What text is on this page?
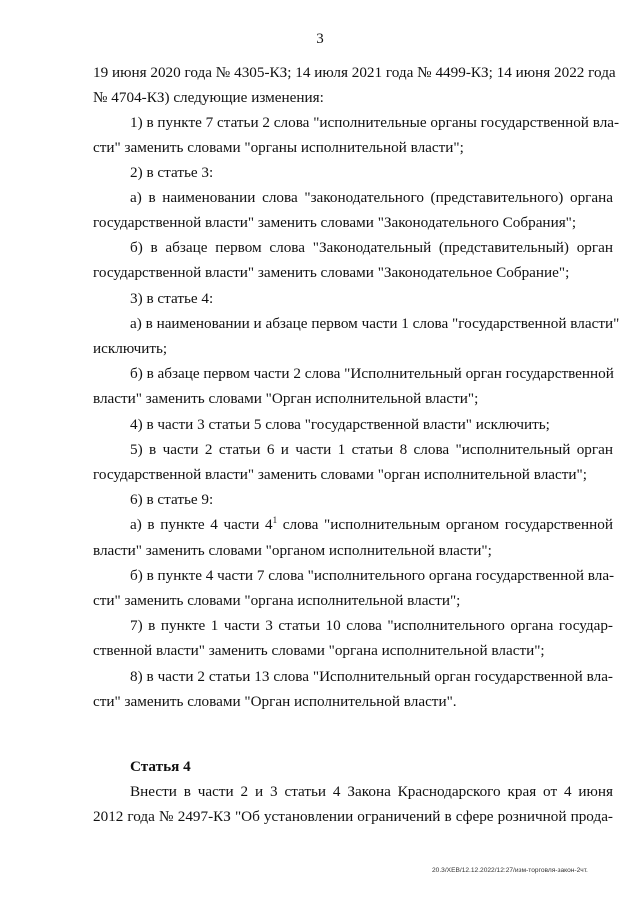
3
19 июня 2020 года № 4305-КЗ; 14 июля 2021 года № 4499-КЗ; 14 июня 2022 года
№ 4704-КЗ) следующие изменения:
1) в пункте 7 статьи 2 слова "исполнительные органы государственной вла-
сти" заменить словами "органы исполнительной власти";
2) в статье 3:
а) в наименовании слова "законодательного (представительного) органа
государственной власти" заменить словами "Законодательного Собрания";
б) в абзаце первом слова "Законодательный (представительный) орган
государственной власти" заменить словами "Законодательное Собрание";
3) в статье 4:
а) в наименовании и абзаце первом части 1 слова "государственной власти"
исключить;
б) в абзаце первом части 2 слова "Исполнительный орган государственной
власти" заменить словами "Орган исполнительной власти";
4) в части 3 статьи 5 слова "государственной власти" исключить;
5) в части 2 статьи 6 и части 1 статьи 8 слова "исполнительный орган
государственной власти" заменить словами "орган исполнительной власти";
6) в статье 9:
а) в пункте 4 части $4^1$ слова "исполнительным органом государственной
власти" заменить словами "органом исполнительной власти";
б) в пункте 4 части 7 слова "исполнительного органа государственной вла-
сти" заменить словами "органа исполнительной власти";
7) в пункте 1 части 3 статьи 10 слова "исполнительного органа государ-
ственной власти" заменить словами "органа исполнительной власти";
8) в части 2 статьи 13 слова "Исполнительный орган государственной вла-
сти" заменить словами "Орган исполнительной власти".
Статья 4
Внести в части 2 и 3 статьи 4 Закона Краснодарского края от 4 июня
2012 года № 2497-КЗ "Об установлении ограничений в сфере розничной прода-
20.3/ХЕВ/12.12.2022/12:27/изм-торговля-закон-2чт.
